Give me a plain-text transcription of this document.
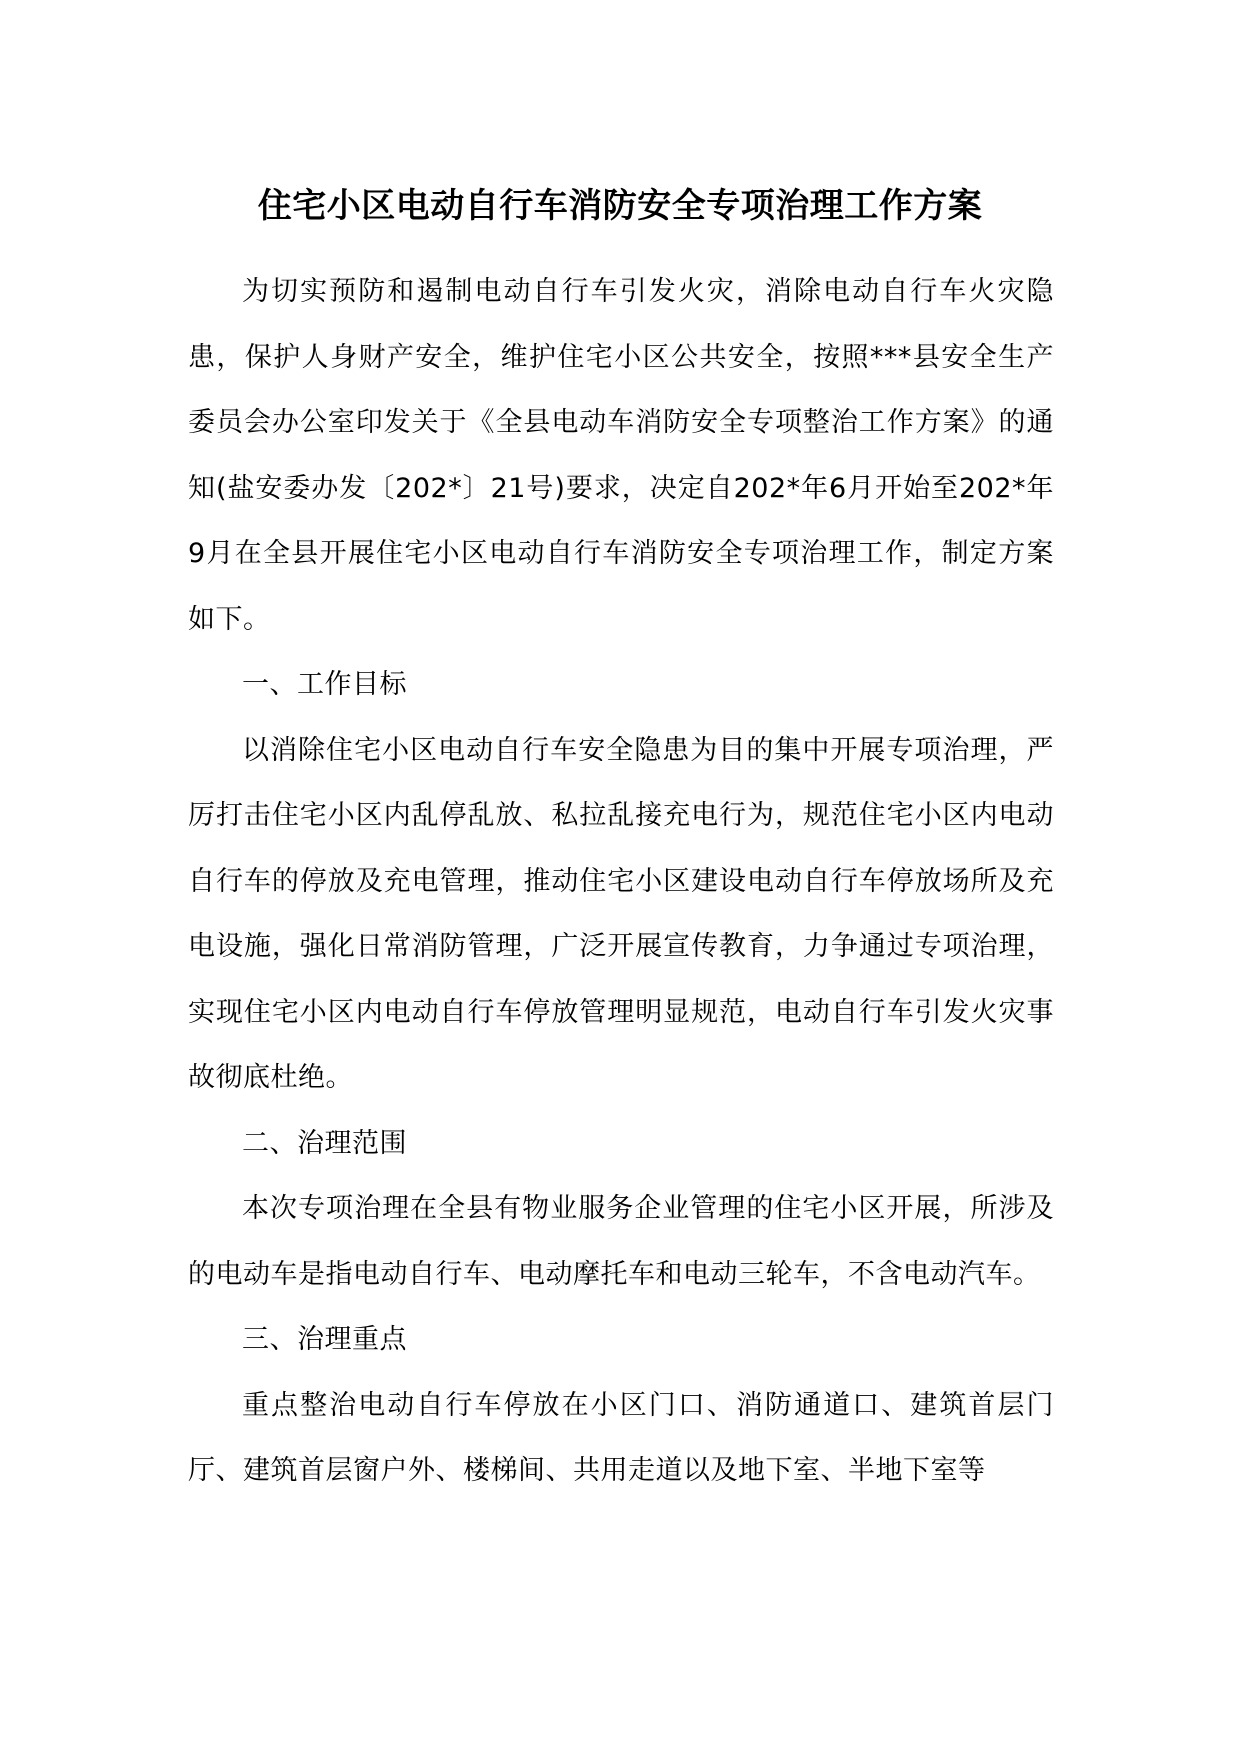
住宅小区电动自行车消防安全专项治理工作方案

为切实预防和遏制电动自行车引发火灾，消除电动自行车火灾隐患，保护人身财产安全，维护住宅小区公共安全，按照***县安全生产委员会办公室印发关于《全县电动车消防安全专项整治工作方案》的通知(盐安委办发〔202*〕21号)要求，决定自202*年6月开始至202*年9月在全县开展住宅小区电动自行车消防安全专项治理工作，制定方案如下。

一、工作目标

以消除住宅小区电动自行车安全隐患为目的集中开展专项治理，严厉打击住宅小区内乱停乱放、私拉乱接充电行为，规范住宅小区内电动自行车的停放及充电管理，推动住宅小区建设电动自行车停放场所及充电设施，强化日常消防管理，广泛开展宣传教育，力争通过专项治理，实现住宅小区内电动自行车停放管理明显规范，电动自行车引发火灾事故彻底杜绝。

二、治理范围

本次专项治理在全县有物业服务企业管理的住宅小区开展，所涉及的电动车是指电动自行车、电动摩托车和电动三轮车，不含电动汽车。

三、治理重点

重点整治电动自行车停放在小区门口、消防通道口、建筑首层门厅、建筑首层窗户外、楼梯间、共用走道以及地下室、半地下室等
